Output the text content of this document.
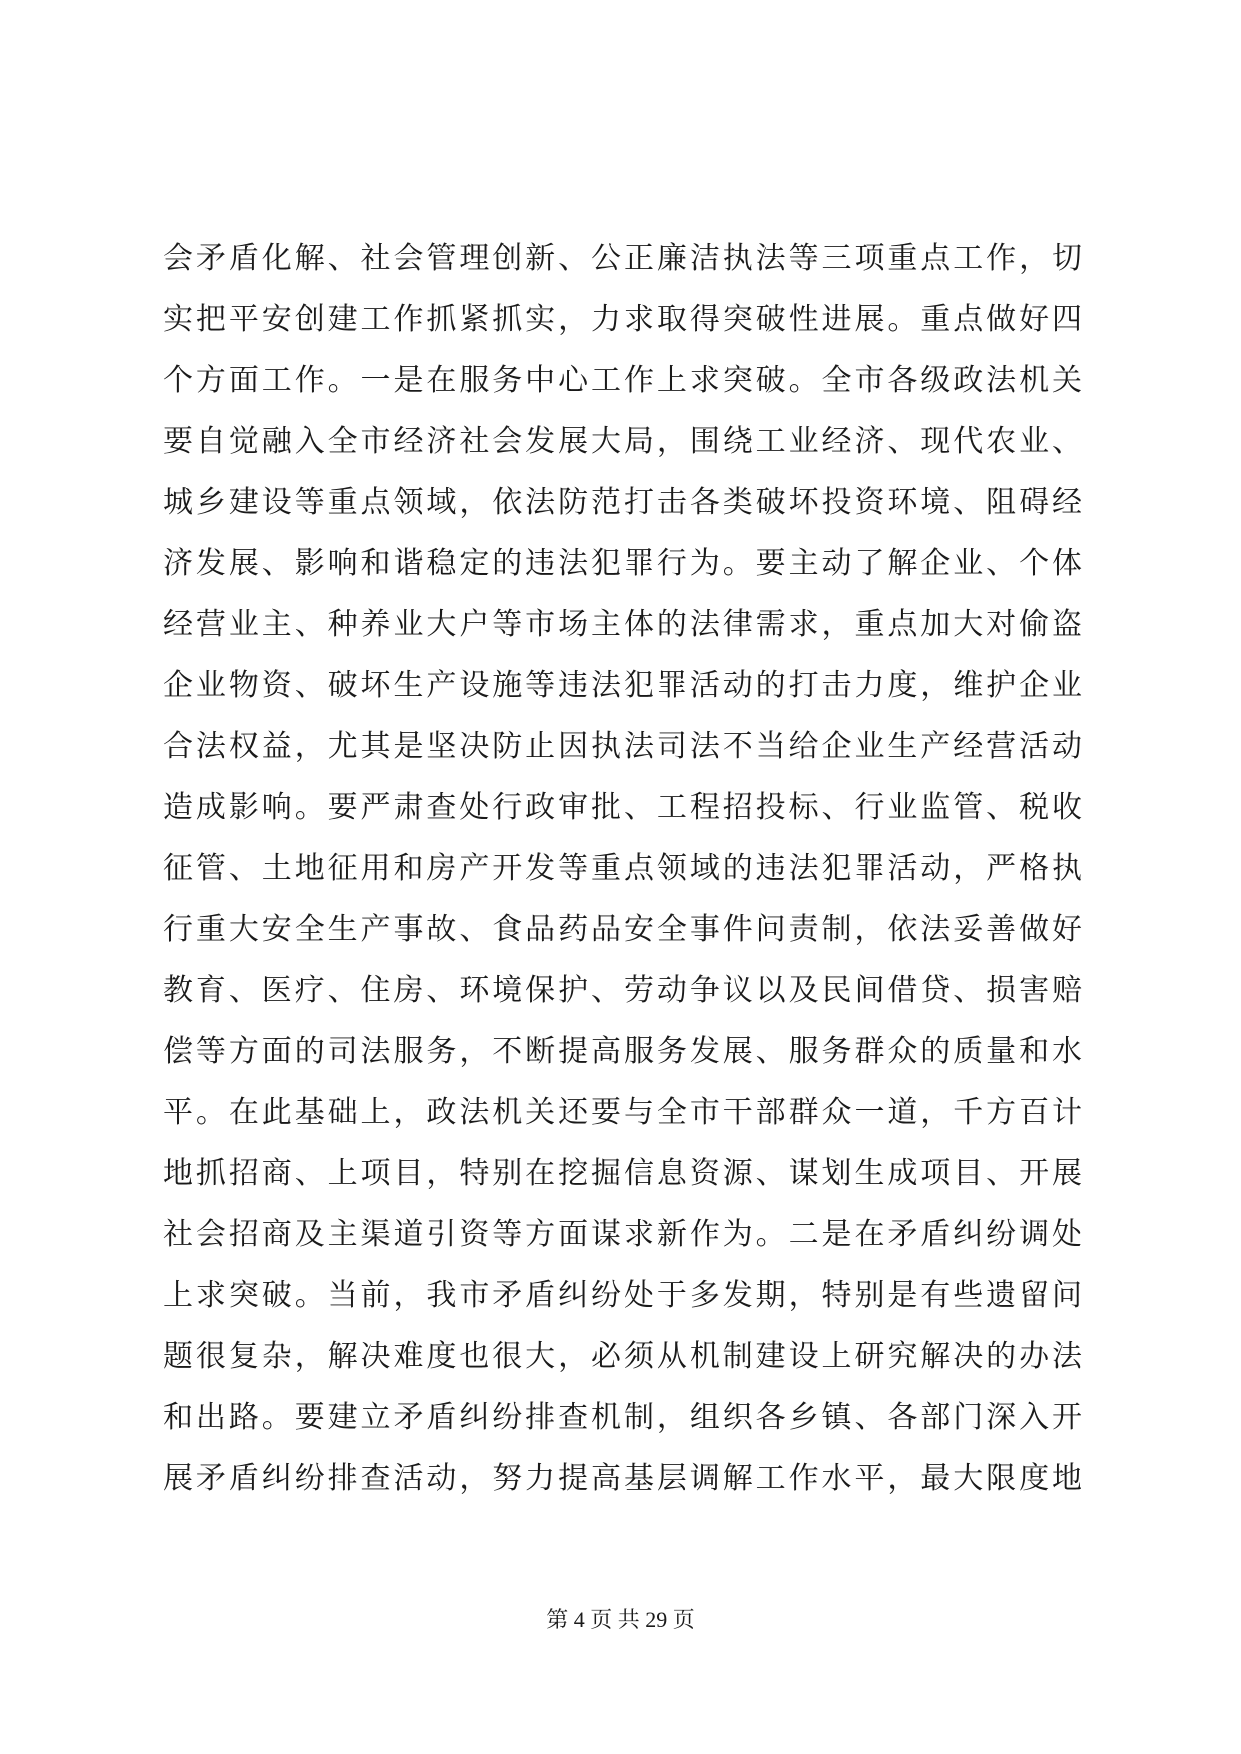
会矛盾化解、社会管理创新、公正廉洁执法等三项重点工作，切
实把平安创建工作抓紧抓实，力求取得突破性进展。重点做好四
个方面工作。一是在服务中心工作上求突破。全市各级政法机关
要自觉融入全市经济社会发展大局，围绕工业经济、现代农业、
城乡建设等重点领域，依法防范打击各类破坏投资环境、阻碍经
济发展、影响和谐稳定的违法犯罪行为。要主动了解企业、个体
经营业主、种养业大户等市场主体的法律需求，重点加大对偷盗
企业物资、破坏生产设施等违法犯罪活动的打击力度，维护企业
合法权益，尤其是坚决防止因执法司法不当给企业生产经营活动
造成影响。要严肃查处行政审批、工程招投标、行业监管、税收
征管、土地征用和房产开发等重点领域的违法犯罪活动，严格执
行重大安全生产事故、食品药品安全事件问责制，依法妥善做好
教育、医疗、住房、环境保护、劳动争议以及民间借贷、损害赔
偿等方面的司法服务，不断提高服务发展、服务群众的质量和水
平。在此基础上，政法机关还要与全市干部群众一道，千方百计
地抓招商、上项目，特别在挖掘信息资源、谋划生成项目、开展
社会招商及主渠道引资等方面谋求新作为。二是在矛盾纠纷调处
上求突破。当前，我市矛盾纠纷处于多发期，特别是有些遗留问
题很复杂，解决难度也很大，必须从机制建设上研究解决的办法
和出路。要建立矛盾纠纷排查机制，组织各乡镇、各部门深入开
展矛盾纠纷排查活动，努力提高基层调解工作水平，最大限度地
第 4 页 共 29 页
